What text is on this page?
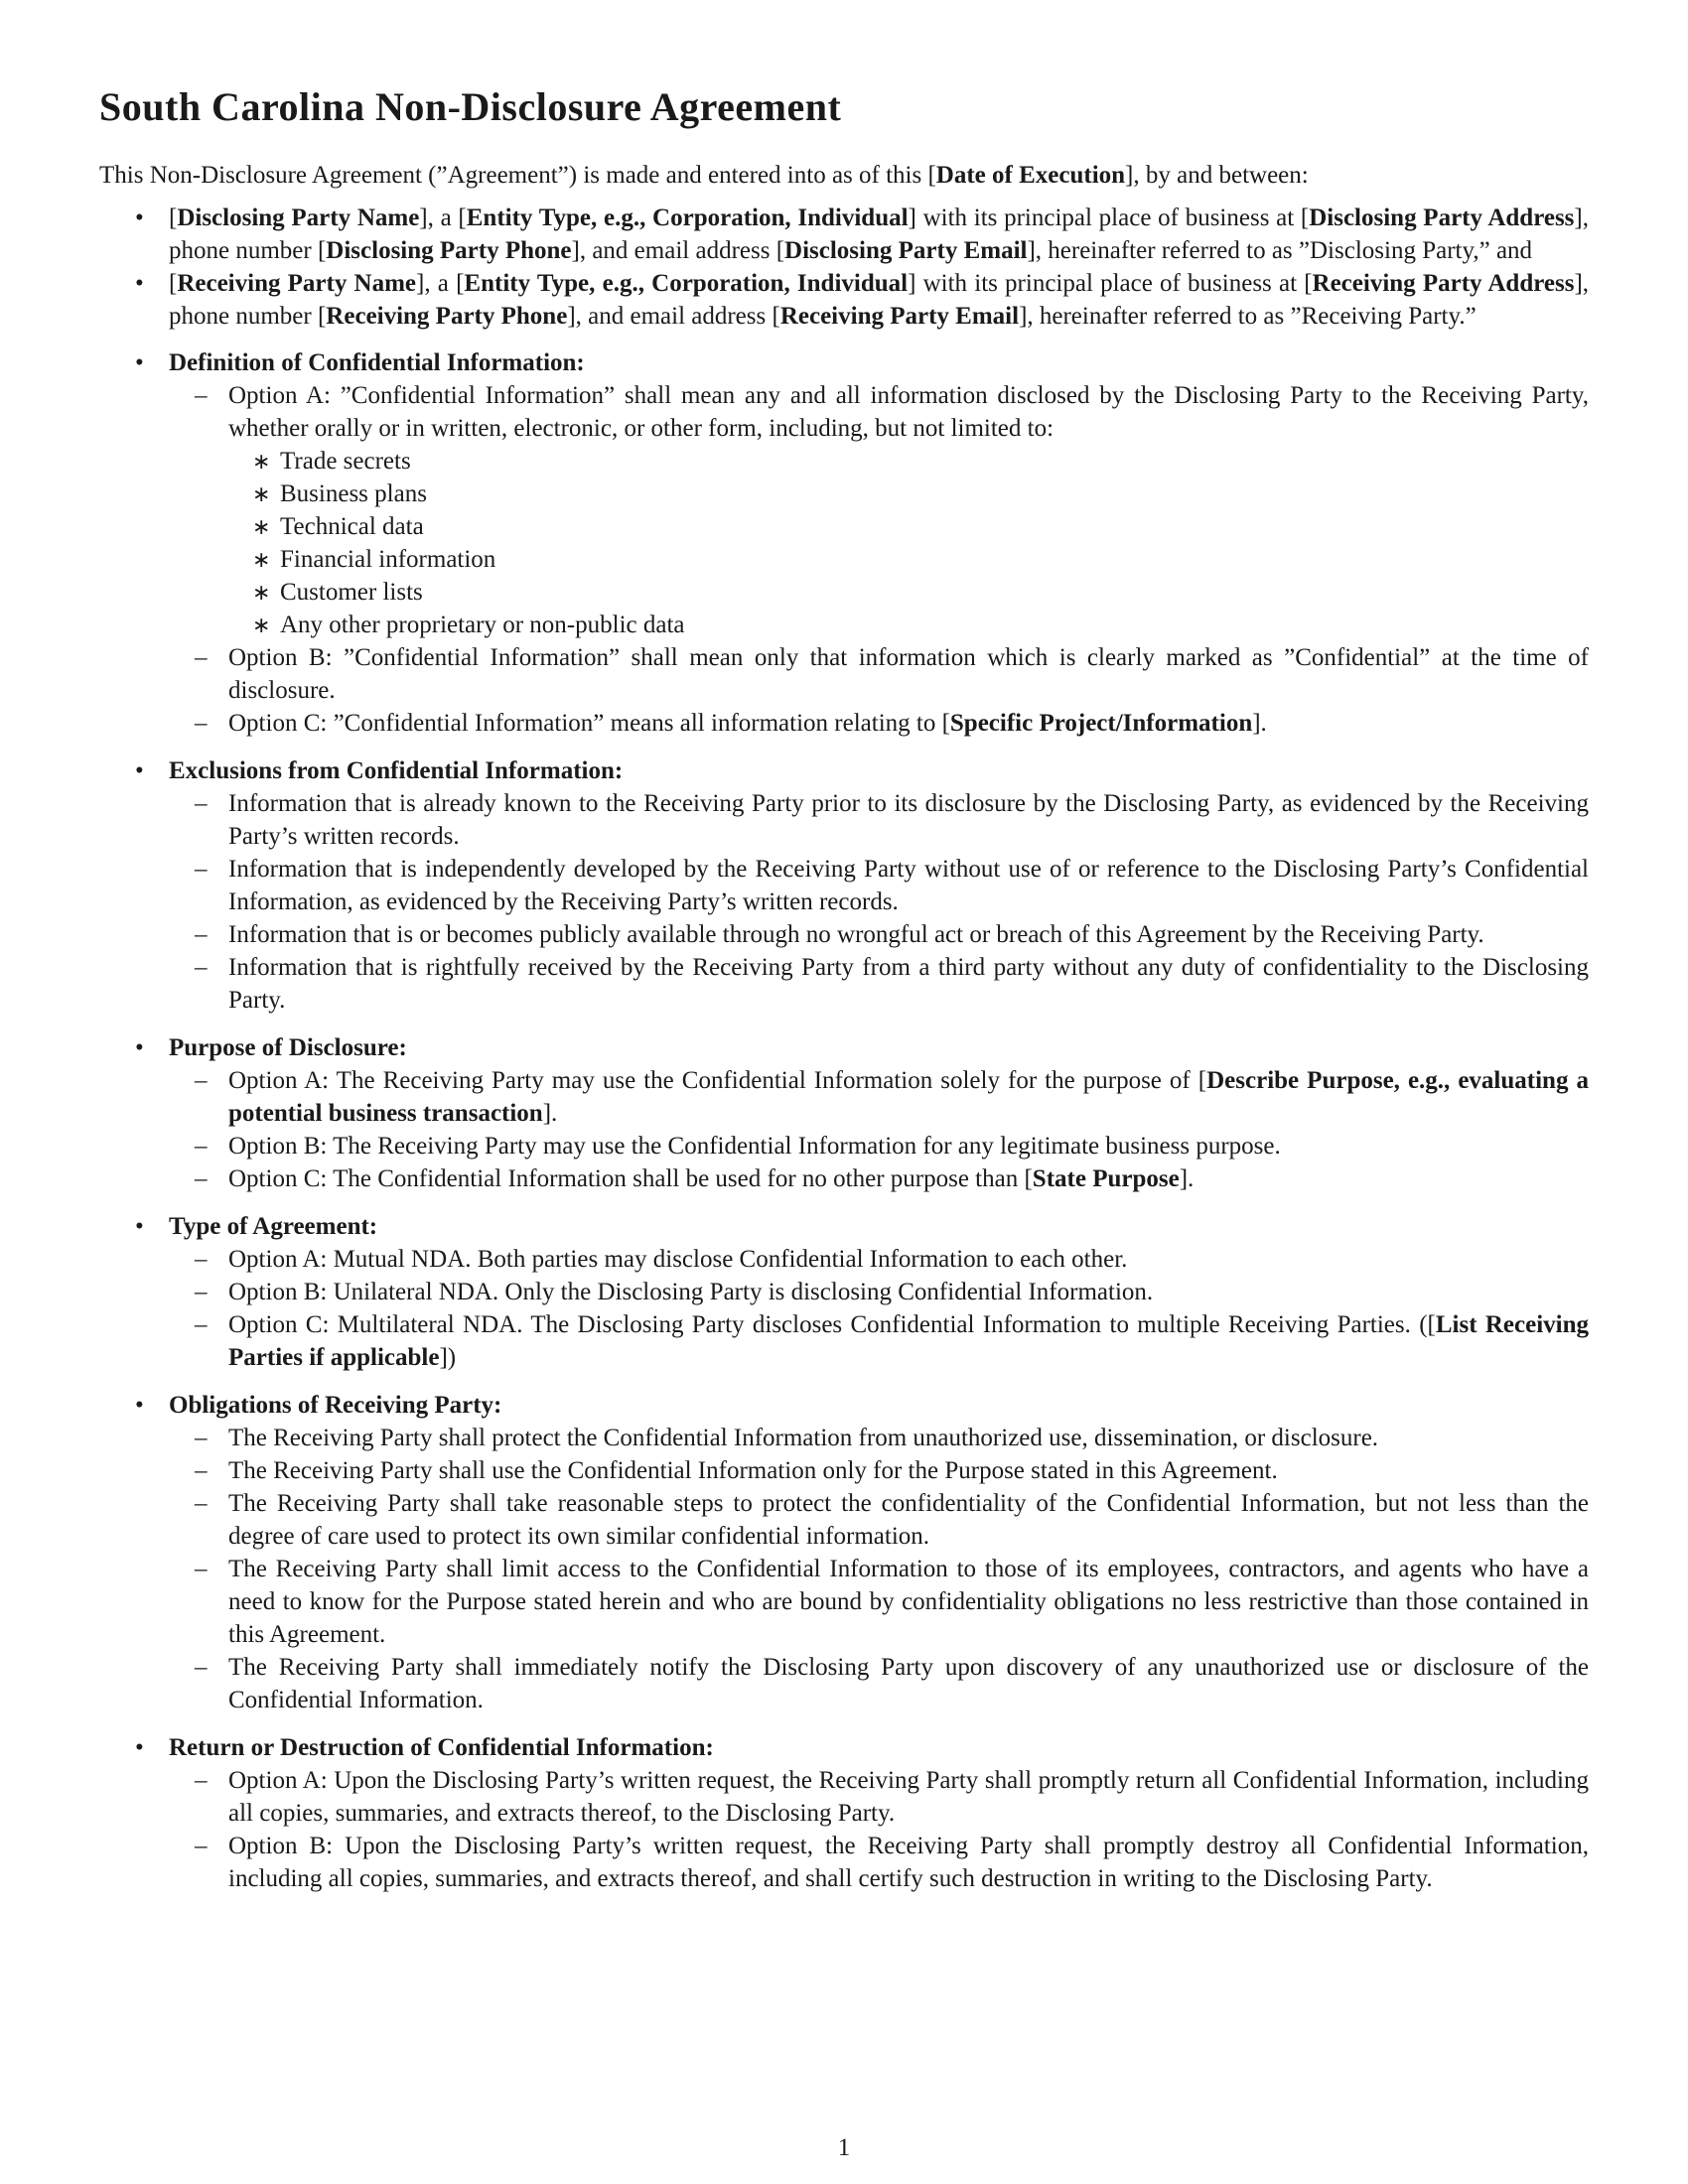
South Carolina Non-Disclosure Agreement

This Non-Disclosure Agreement (”Agreement”) is made and entered into as of this [Date of Execution], by and between:

• [Disclosing Party Name], a [Entity Type, e.g., Corporation, Individual] with its principal place of business at [Disclosing Party Address], phone number [Disclosing Party Phone], and email address [Disclosing Party Email], hereinafter referred to as ”Disclosing Party,” and
• [Receiving Party Name], a [Entity Type, e.g., Corporation, Individual] with its principal place of business at [Receiving Party Address], phone number [Receiving Party Phone], and email address [Receiving Party Email], hereinafter referred to as ”Receiving Party.”
• Definition of Confidential Information:
– Option A: ”Confidential Information” shall mean any and all information disclosed by the Disclosing Party to the Receiving Party, whether orally or in written, electronic, or other form, including, but not limited to:
∗ Trade secrets
∗ Business plans
∗ Technical data
∗ Financial information
∗ Customer lists
∗ Any other proprietary or non-public data
– Option B: ”Confidential Information” shall mean only that information which is clearly marked as ”Confidential” at the time of disclosure.
– Option C: ”Confidential Information” means all information relating to [Specific Project/Information].
• Exclusions from Confidential Information:
– Information that is already known to the Receiving Party prior to its disclosure by the Disclosing Party, as evidenced by the Receiving Party’s written records.
– Information that is independently developed by the Receiving Party without use of or reference to the Disclosing Party’s Confidential Information, as evidenced by the Receiving Party’s written records.
– Information that is or becomes publicly available through no wrongful act or breach of this Agreement by the Receiving Party.
– Information that is rightfully received by the Receiving Party from a third party without any duty of confidentiality to the Disclosing Party.
• Purpose of Disclosure:
– Option A: The Receiving Party may use the Confidential Information solely for the purpose of [Describe Purpose, e.g., evaluating a potential business transaction].
– Option B: The Receiving Party may use the Confidential Information for any legitimate business purpose.
– Option C: The Confidential Information shall be used for no other purpose than [State Purpose].
• Type of Agreement:
– Option A: Mutual NDA. Both parties may disclose Confidential Information to each other.
– Option B: Unilateral NDA. Only the Disclosing Party is disclosing Confidential Information.
– Option C: Multilateral NDA. The Disclosing Party discloses Confidential Information to multiple Receiving Parties. ([List Receiving Parties if applicable])
• Obligations of Receiving Party:
– The Receiving Party shall protect the Confidential Information from unauthorized use, dissemination, or disclosure.
– The Receiving Party shall use the Confidential Information only for the Purpose stated in this Agreement.
– The Receiving Party shall take reasonable steps to protect the confidentiality of the Confidential Information, but not less than the degree of care used to protect its own similar confidential information.
– The Receiving Party shall limit access to the Confidential Information to those of its employees, contractors, and agents who have a need to know for the Purpose stated herein and who are bound by confidentiality obligations no less restrictive than those contained in this Agreement.
– The Receiving Party shall immediately notify the Disclosing Party upon discovery of any unauthorized use or disclosure of the Confidential Information.
• Return or Destruction of Confidential Information:
– Option A: Upon the Disclosing Party’s written request, the Receiving Party shall promptly return all Confidential Information, including all copies, summaries, and extracts thereof, to the Disclosing Party.
– Option B: Upon the Disclosing Party’s written request, the Receiving Party shall promptly destroy all Confidential Information, including all copies, summaries, and extracts thereof, and shall certify such destruction in writing to the Disclosing Party.
1
